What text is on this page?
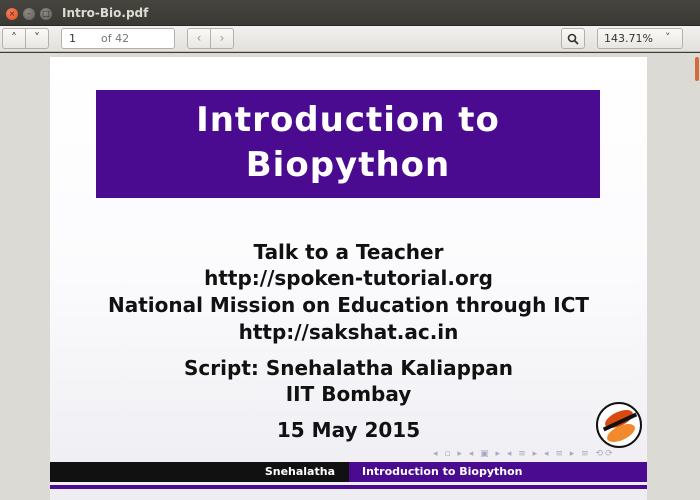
×	–	□ Intro-Bio.pdf
˄	˅	1 of 42	‹	›	143.71% ˅
Introduction to
Biopython
Talk to a Teacher
http://spoken-tutorial.org
National Mission on Education through ICT
http://sakshat.ac.in
Script: Snehalatha Kaliappan
IIT Bombay
15 May 2015
◂ ▫ ▸ ◂ ▣ ▸ ◂ ≡ ▸ ◂ ≡ ▸ ≡ ⟲⟳
Snehalatha	Introduction to Biopython
